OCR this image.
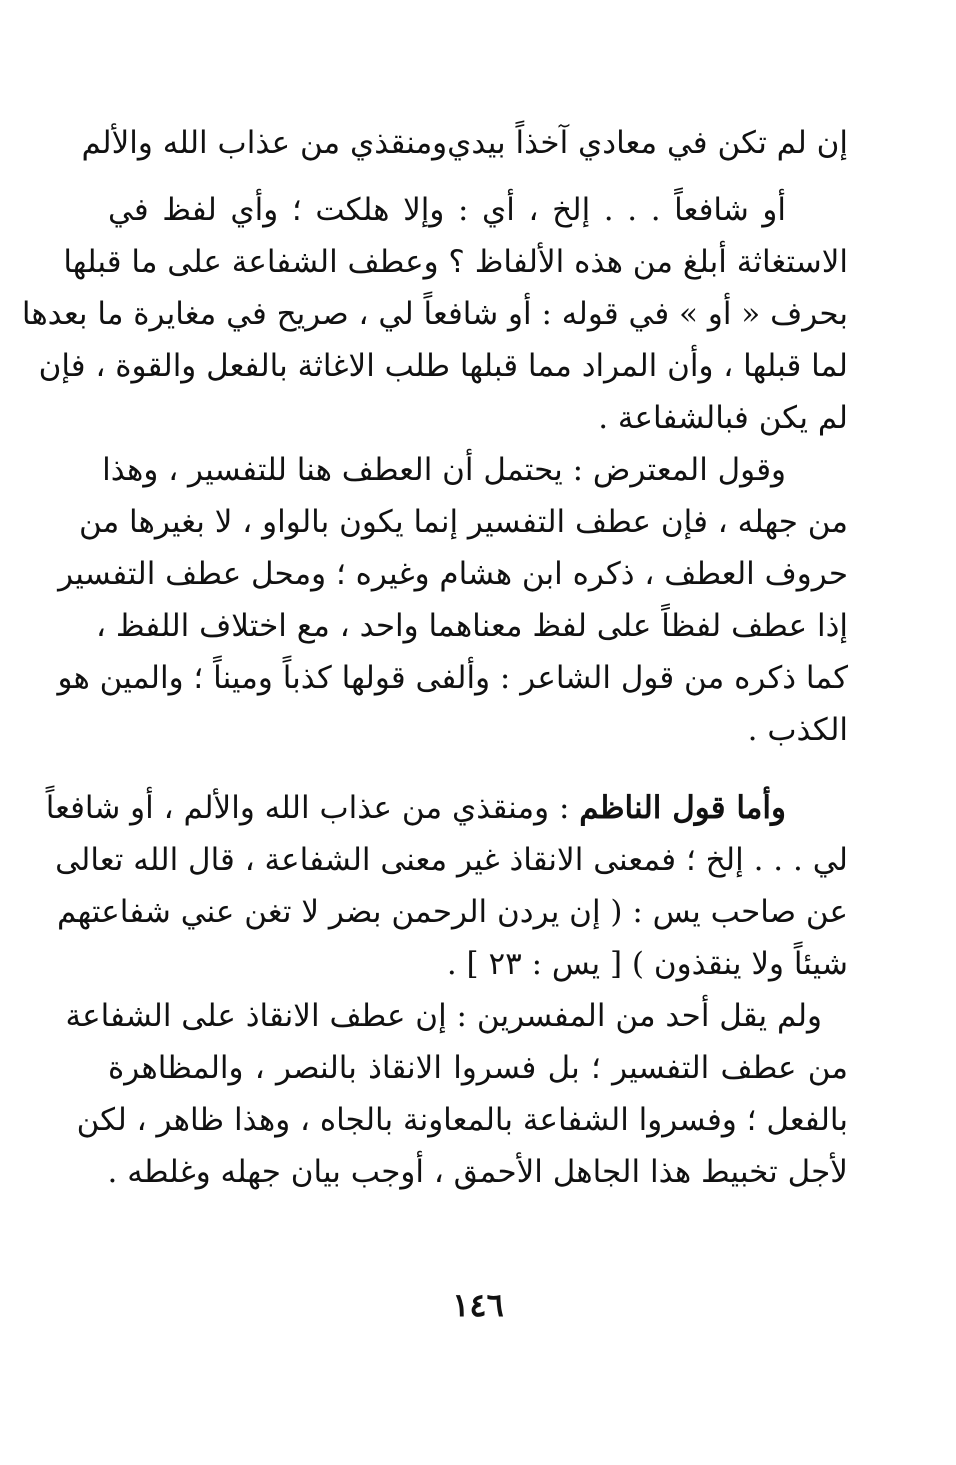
إن لم تكن في معادي آخذاً بيدي
ومنقذي من عذاب الله والألم
أو شافعاً . . . إلخ ، أي : وإلا هلكت ؛ وأي لفظ في
الاستغاثة أبلغ من هذه الألفاظ ؟ وعطف الشفاعة على ما قبلها
بحرف « أو » في قوله : أو شافعاً لي ، صريح في مغايرة ما بعدها
لما قبلها ، وأن المراد مما قبلها طلب الاغاثة بالفعل والقوة ، فإن
لم يكن فبالشفاعة .
وقول المعترض : يحتمل أن العطف هنا للتفسير ، وهذا
من جهله ، فإن عطف التفسير إنما يكون بالواو ، لا بغيرها من
حروف العطف ، ذكره ابن هشام وغيره ؛ ومحل عطف التفسير
إذا عطف لفظاً على لفظ معناهما واحد ، مع اختلاف اللفظ ،
كما ذكره من قول الشاعر : وألفى قولها كذباً وميناً ؛ والمين هو
الكذب .
وأما قول الناظم : ومنقذي من عذاب الله والألم ، أو شافعاً
لي . . . إلخ ؛ فمعنى الانقاذ غير معنى الشفاعة ، قال الله تعالى
عن صاحب يس : ( إن يردن الرحمن بضر لا تغن عني شفاعتهم
شيئاً ولا ينقذون ) [ يس : ٢٣ ] .
ولم يقل أحد من المفسرين : إن عطف الانقاذ على الشفاعة
من عطف التفسير ؛ بل فسروا الانقاذ بالنصر ، والمظاهرة
بالفعل ؛ وفسروا الشفاعة بالمعاونة بالجاه ، وهذا ظاهر ، لكن
لأجل تخبيط هذا الجاهل الأحمق ، أوجب بيان جهله وغلطه .
١٤٦
